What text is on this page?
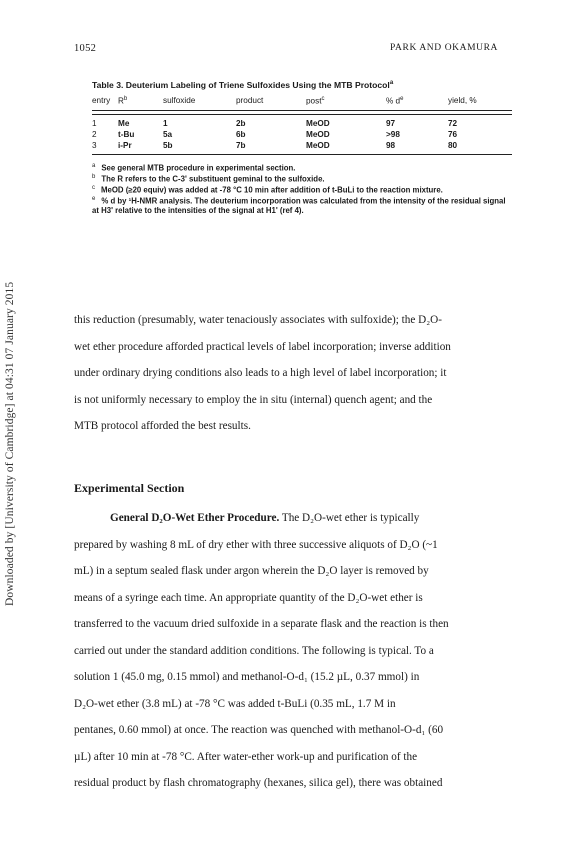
1052	PARK AND OKAMURA
Downloaded by [University of Cambridge] at 04:31 07 January 2015
Table 3. Deuterium Labeling of Triene Sulfoxides Using the MTB Protocol$^a$
entry	$R^b$	sulfoxide	product	post$^c$	% $d^e$	yield, %

1	Me	1	2b	MeOD	97	72
2	t-Bu	5a	6b	MeOD	>98	76
3	i-Pr	5b	7b	MeOD	98	80

$^a$ See general MTB procedure in experimental section.

$^b$ The R refers to the C-3' substituent geminal to the sulfoxide.

$^c$ MeOD (≥20 equiv) was added at -78 °C 10 min after addition of t-BuLi to the reaction mixture.

$^e$ % d by ¹H-NMR analysis. The deuterium incorporation was calculated from the intensity of the residual signal at H3' relative to the intensities of the signal at H1' (ref 4).

this reduction (presumably, water tenaciously associates with sulfoxide); the D₂O-
wet ether procedure afforded practical levels of label incorporation; inverse addition
under ordinary drying conditions also leads to a high level of label incorporation; it
is not uniformly necessary to employ the in situ (internal) quench agent; and the
MTB protocol afforded the best results.
Experimental Section
General D₂O-Wet Ether Procedure. The D₂O-wet ether is typically
prepared by washing 8 mL of dry ether with three successive aliquots of D₂O (~1
mL) in a septum sealed flask under argon wherein the D₂O layer is removed by
means of a syringe each time. An appropriate quantity of the D₂O-wet ether is
transferred to the vacuum dried sulfoxide in a separate flask and the reaction is then
carried out under the standard addition conditions. The following is typical. To a
solution 1 (45.0 mg, 0.15 mmol) and methanol-O-d₁ (15.2 µL, 0.37 mmol) in
D₂O-wet ether (3.8 mL) at -78 °C was added t-BuLi (0.35 mL, 1.7 M in
pentanes, 0.60 mmol) at once. The reaction was quenched with methanol-O-d₁ (60
µL) after 10 min at -78 °C. After water-ether work-up and purification of the
residual product by flash chromatography (hexanes, silica gel), there was obtained
